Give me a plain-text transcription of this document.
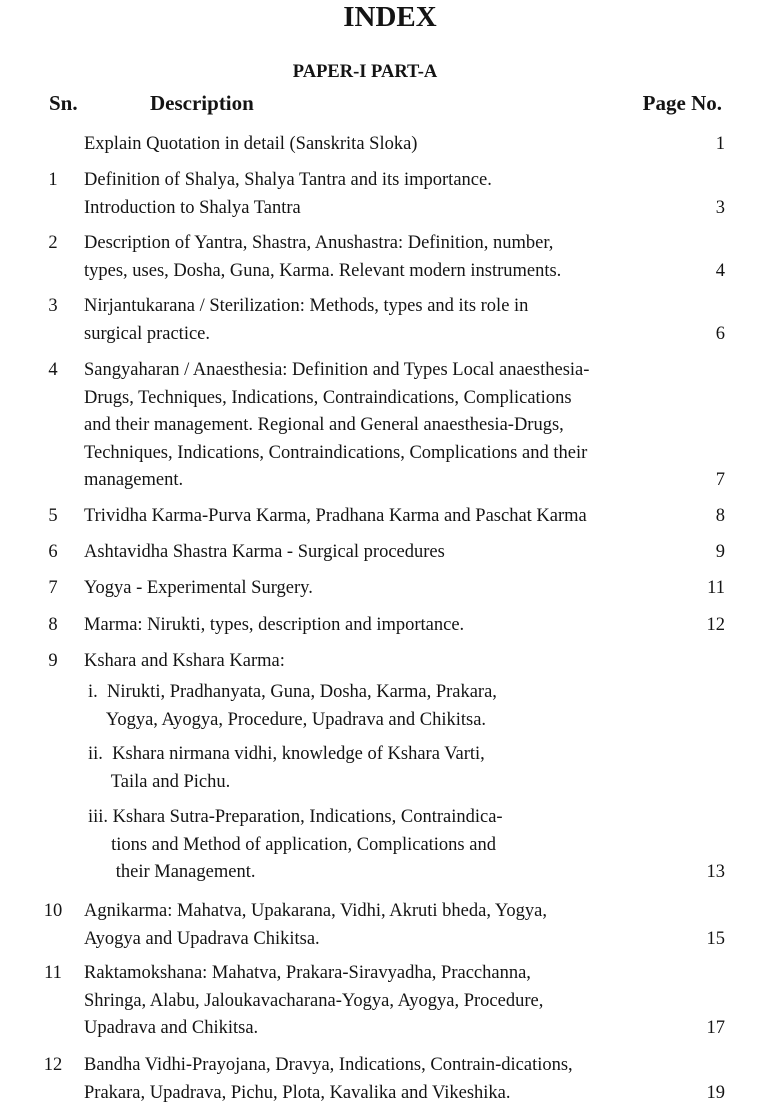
INDEX
PAPER-I PART-A
Sn.	Description	Page No.
Explain Quotation in detail (Sanskrita Sloka)	1
1	Definition of Shalya, Shalya Tantra and its importance.
Introduction to Shalya Tantra	3
2	Description of Yantra, Shastra, Anushastra: Definition, number,
types, uses, Dosha, Guna, Karma. Relevant modern instruments.	4
3	Nirjantukarana / Sterilization: Methods, types and its role in
surgical practice.	6
4	Sangyaharan / Anaesthesia: Definition and Types Local anaesthesia-
Drugs, Techniques, Indications, Contraindications, Complications
and their management. Regional and General anaesthesia-Drugs,
Techniques, Indications, Contraindications, Complications and their
management.	7
5	Trividha Karma-Purva Karma, Pradhana Karma and Paschat Karma	8
6	Ashtavidha Shastra Karma - Surgical procedures	9
7	Yogya - Experimental Surgery.	11
8	Marma: Nirukti, types, description and importance.	12
9	Kshara and Kshara Karma:
i.  Nirukti, Pradhanyata, Guna, Dosha, Karma, Prakara,
Yogya, Ayogya, Procedure, Upadrava and Chikitsa.
ii.  Kshara nirmana vidhi, knowledge of Kshara Varti,
Taila and Pichu.
iii. Kshara Sutra-Preparation, Indications, Contraindica-
tions and Method of application, Complications and
their Management.	13
10 Agnikarma: Mahatva, Upakarana, Vidhi, Akruti bheda, Yogya,
Ayogya and Upadrava Chikitsa.	15
11 Raktamokshana: Mahatva, Prakara-Siravyadha, Pracchanna,
Shringa, Alabu, Jaloukavacharana-Yogya, Ayogya, Procedure,
Upadrava and Chikitsa.	17
12 Bandha Vidhi-Prayojana, Dravya, Indications, Contrain-dications,
Prakara, Upadrava, Pichu, Plota, Kavalika and Vikeshika.	19
